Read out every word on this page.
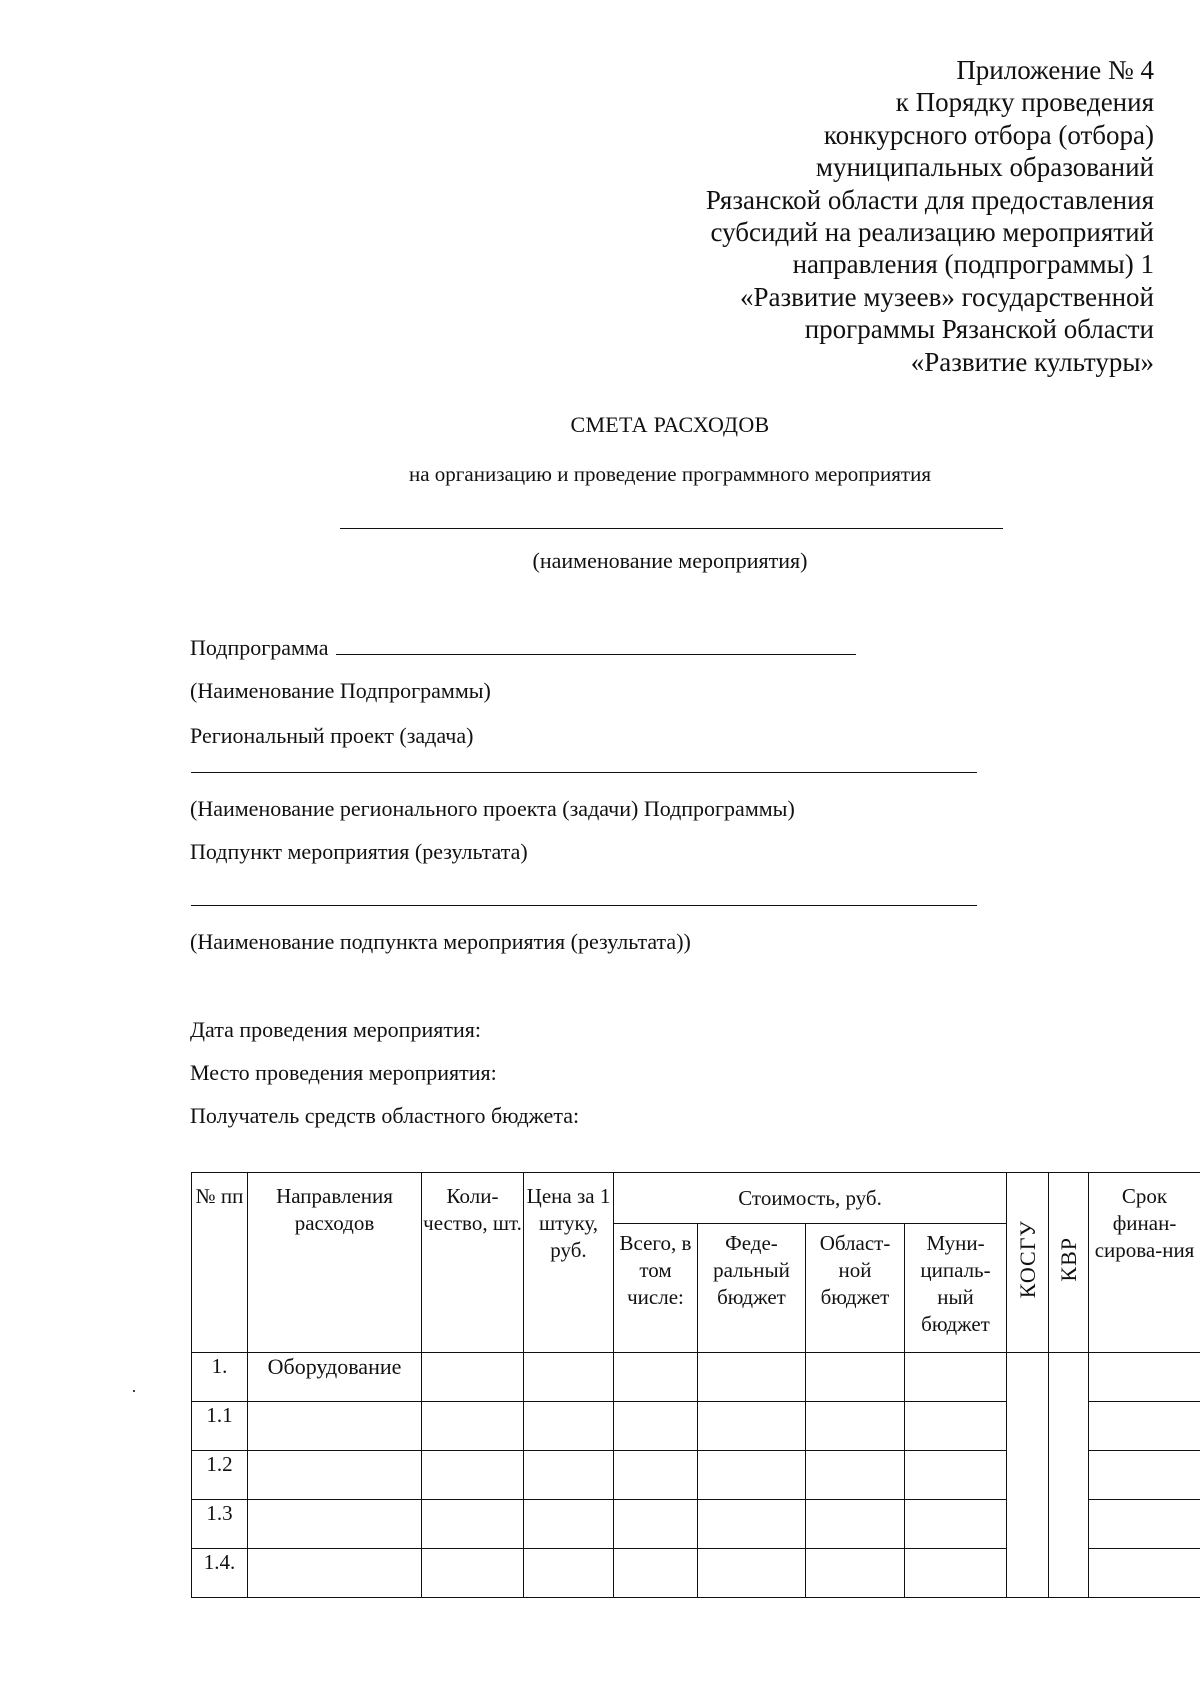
Приложение № 4
к Порядку проведения
конкурсного отбора (отбора)
муниципальных образований
Рязанской области для предоставления
субсидий на реализацию мероприятий
направления (подпрограммы) 1
«Развитие музеев» государственной
программы Рязанской области
«Развитие культуры»
СМЕТА РАСХОДОВ
на организацию и проведение программного мероприятия
(наименование мероприятия)
Подпрограмма
(Наименование Подпрограммы)
Региональный проект (задача)
(Наименование регионального проекта (задачи) Подпрограммы)
Подпункт мероприятия (результата)
(Наименование подпункта мероприятия (результата))
Дата проведения мероприятия:
Место проведения мероприятия:
Получатель средств областного бюджета:
№ пп	Направления расходов	Коли-чество, шт.	Цена за 1 штуку, руб.	Стоимость, руб.				КОСГУ	КВР	Срок финан-сирова-ния
				Всего, в том числе:	Феде-ральный бюджет	Област-ной бюджет	Муни-ципаль-ный бюджет			
1.	Оборудование									
1.1										
1.2										
1.3										
1.4.										
